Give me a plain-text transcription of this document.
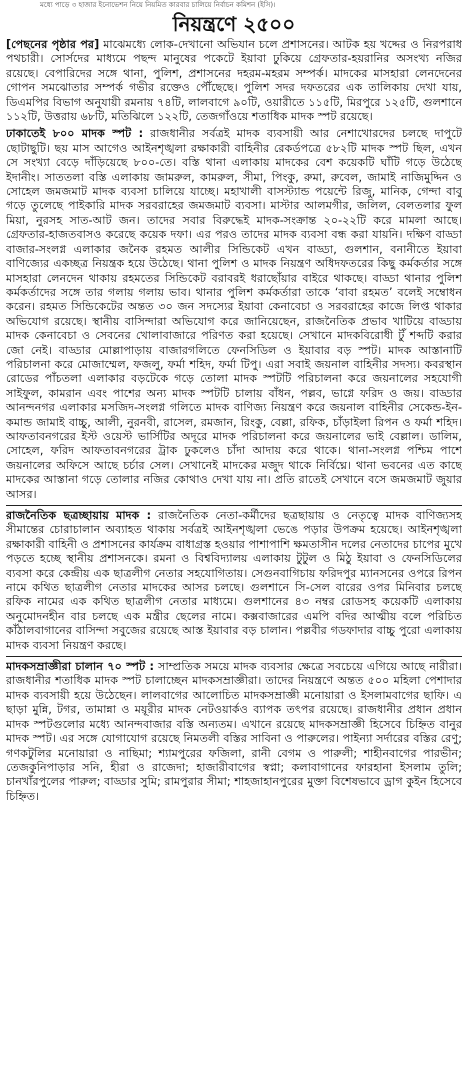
মধ্যে পাড়ে ৩ হাজার ইনোভেশন নিয়ে নিয়মিত কারবার চালিয়ে নির্বাচন কমিশন (ইসি)।
নিয়ন্ত্রণে ২৫০০

[পেছনের পৃষ্ঠার পর] মাঝেমধ্যে লোক-দেখানো অভিযান চলে প্রশাসনের। আটক হয় খদ্দের ও নিরপরাধ পথচারী। সোর্সদের মাধ্যমে পছন্দ মানুষের পকেটে ইয়াবা ঢুকিয়ে গ্রেফতার-হয়রানির অসংখ্য নজির রয়েছে। বেপারিদের সঙ্গে থানা, পুলিশ, প্রশাসনের দহরম-মহরম সম্পর্ক। মাদকের মাসহারা লেনদেনের গোপন সমঝোতার সম্পর্ক গভীর রক্তেও পৌঁছেছে। পুলিশ সদর দফতরের এক তালিকায় দেখা যায়, ডিএমপির বিভাগ অনুযায়ী রমনায় ৭৪টি, লালবাগে ৯০টি, ওয়ারীতে ১১৫টি, মিরপুরে ১২৫টি, গুলশানে ১১২টি, উত্তরায় ৬৮টি, মতিঝিলে ১২২টি, তেজগাঁওয়ে শতাধিক মাদক স্পট রয়েছে।

ঢাকাতেই ৮০০ মাদক স্পট : রাজধানীর সর্বত্রই মাদক ব্যবসায়ী আর নেশাখোরদের চলছে দাপুটে ছোটাছুটি। ছয় মাস আগেও আইনশৃঙ্খলা রক্ষাকারী বাহিনীর রেকর্ডপত্রে ৫৮২টি মাদক স্পট ছিল, এখন সে সংখ্যা বেড়ে দাঁড়িয়েছে ৮০০-তে। বস্তি থানা এলাকায় মাদকের বেশ কয়েকটি ঘাঁটি গড়ে উঠেছে ইদানীং। সাততলা বস্তি এলাকায় জামরুল, কামরুল, সীমা, পিংকু, রুমা, রুবেল, জামাই নাজিমুদ্দিন ও সোহেল জমজমাট মাদক ব্যবসা চালিয়ে যাচ্ছে। মহাখালী বাসস্ট্যান্ড পয়েন্টে রিজু, মানিক, গেন্দা বাবু গড়ে তুলেছে পাইকারি মাদক সরবরাহের জমজমাট ব্যবসা। মাস্টার আলমগীর, জলিল, বেলতলার ফুল মিয়া, নুরসহ সাত-আট জন। তাদের সবার বিরুদ্ধেই মাদক-সংক্রান্ত ২০-২২টি করে মামলা আছে। গ্রেফতার-হাজতবাসও করেছে কয়েক দফা। এর পরও তাদের মাদক ব্যবসা বন্ধ করা যায়নি। দক্ষিণ বাড্ডা বাজার-সংলগ্ন এলাকার জনৈক রহমত আলীর সিন্ডিকেট এখন বাড্ডা, গুলশান, বনানীতে ইয়াবা বাণিজ্যের একচ্ছত্র নিয়ন্ত্রক হয়ে উঠেছে। থানা পুলিশ ও মাদক নিয়ন্ত্রণ অধিদফতরের কিছু কর্মকর্তার সঙ্গে মাসহারা লেনদেন থাকায় রহমতের সিন্ডিকেট বরাবরই ধরাছোঁয়ার বাইরে থাকছে। বাড্ডা থানার পুলিশ কর্মকর্তাদের সঙ্গে তার গলায় গলায় ভাব। থানার পুলিশ কর্মকর্তারা তাকে ‘বাবা রহমত’ বলেই সম্বোধন করেন। রহমত সিন্ডিকেটের অন্তত ৩০ জন সদস্যের ইয়াবা কেনাবেচা ও সরবরাহের কাজে লিপ্ত থাকার অভিযোগ রয়েছে। স্থানীয় বাসিন্দারা অভিযোগ করে জানিয়েছেন, রাজনৈতিক প্রভাব খাটিয়ে বাড্ডায় মাদক কেনাবেচা ও সেবনের খোলাবাজারে পরিণত করা হয়েছে। সেখানে মাদকবিরোধী টুঁ শব্দটি করার জো নেই। বাড্ডার মোল্লাপাড়ায় বাজারগলিতে ফেনসিডিল ও ইয়াবার বড় স্পট। মাদক আস্তানাটি পরিচালনা করে মোজাম্মেল, ফজলু, ফর্মা শহিদ, ফর্মা টিপু। এরা সবাই জয়নাল বাহিনীর সদস্য। কবরস্থান রোডের পাঁচতলা এলাকার বড়টেকে গড়ে তোলা মাদক স্পটটি পরিচালনা করে জয়নালের সহযোগী সাইফুল, কামরান এবং পাশের অন্য মাদক স্পটটি চালায় বাঁধন, পল্লব, ভাগ্নে ফরিদ ও জয়। বাড্ডার আনন্দনগর এলাকার মসজিদ-সংলগ্ন গলিতে মাদক বাণিজ্য নিয়ন্ত্রণ করে জয়নাল বাহিনীর সেকেন্ড-ইন-কমান্ড জামাই বাচ্চু, আলী, নুরনবী, রাসেল, রমজান, রিংকু, বেল্লা, রফিক, চাঁড়াইলা রিপন ও ফর্মা শহিদ। আফতাবনগরের ইস্ট ওয়েস্ট ভার্সিটির অদূরে মাদক পরিচালনা করে জয়নালের ভাই বেল্লাল। ডালিম, সোহেল, ফরিদ আফতাবনগরের ট্রাক ঢুকলেও চাঁদা আদায় করে থাকে। থানা-সংলগ্ন পশ্চিম পাশে জয়নালের অফিসে আছে চর্চার সেল। সেখানেই মাদকের মজুদ থাকে নির্বিঘ্নে। থানা ভবনের এত কাছে মাদকের আস্তানা গড়ে তোলার নজির কোথাও দেখা যায় না। প্রতি রাতেই সেখানে বসে জমজমাট জুয়ার আসর।

রাজনৈতিক ছত্রচ্ছায়ায় মাদক : রাজনৈতিক নেতা-কর্মীদের ছত্রছায়ায় ও নেতৃত্বে মাদক বাণিজ্যসহ সীমান্তের চোরাচালান অব্যাহত থাকায় সর্বত্রই আইনশৃঙ্খলা ভেঙে পড়ার উপক্রম হয়েছে। আইনশৃঙ্খলা রক্ষাকারী বাহিনী ও প্রশাসনের কার্যক্রম বাধাগ্রস্ত হওয়ার পাশাপাশি ক্ষমতাসীন দলের নেতাদের চাপের মুখে পড়তে হচ্ছে স্থানীয় প্রশাসনকে। রমনা ও বিশ্ববিদ্যালয় এলাকায় টুটুল ও মিঠু ইয়াবা ও ফেনসিডিলের ব্যবসা করে কেন্দ্রীয় এক ছাত্রলীগ নেতার সহযোগিতায়। সেগুনবাগিচায় ফরিদপুর ম্যানসনের ওপরে রিপন নামে কথিত ছাত্রলীগ নেতার মাদকের আসর চলছে। গুলশানে সি-সেল বারের ওপর মিনিবার চলছে রফিক নামের এক কথিত ছাত্রলীগ নেতার মাধ্যমে। গুলশানের ৪৩ নম্বর রোডসহ কয়েকটি এলাকায় অনুমোদনহীন বার চলছে এক মন্ত্রীর ছেলের নামে। কক্সবাজারের এমপি বদির আত্মীয় বলে পরিচিত কাঁঠালবাগানের বাসিন্দা সবুজের রয়েছে আস্ত ইয়াবার বড় চালান। পল্লবীর গডফাদার বাচ্চু পুরো এলাকায় মাদক ব্যবসা নিয়ন্ত্রণ করছে।

মাদকসম্রাজ্ঞীরা চালান ৭০ স্পট : সাম্প্রতিক সময়ে মাদক ব্যবসার ক্ষেত্রে সবচেয়ে এগিয়ে আছে নারীরা। রাজধানীর শতাধিক মাদক স্পট চালাচ্ছেন মাদকসম্রাজ্ঞীরা। তাদের নিয়ন্ত্রণে অন্তত ৫০০ মহিলা পেশাদার মাদক ব্যবসায়ী হয়ে উঠেছেন। লালবাগের আলোচিত মাদকসম্রাজ্ঞী মনোয়ারা ও ইসলামবাগের ছাফি। এ ছাড়া মুন্নি, টগর, তামান্না ও ময়ূরীর মাদক নেটওয়ার্কও ব্যাপক তৎপর রয়েছে। রাজধানীর প্রধান প্রধান মাদক স্পটগুলোর মধ্যে আনন্দবাজার বস্তি অন্যতম। এখানে রয়েছে মাদকসম্রাজ্ঞী হিসেবে চিহ্নিত বানুর মাদক স্পট। এর সঙ্গে যোগাযোগ রয়েছে নিমতলী বস্তির সাবিনা ও পারুলের। পাইন্যা সর্দারের বস্তির রেণু; গণকটুলির মনোয়ারা ও নাছিমা; শ্যামপুরের ফজিলা, রানী বেগম ও পারুলী; শাহীনবাগের পারভীন; তেজকুনিপাড়ার সনি, হীরা ও রাজেদা; হাজারীবাগের স্বপ্না; কলাবাগানের ফারহানা ইসলাম তুলি; চানখাঁরপুলের পারুল; বাড্ডার সুমি; রামপুরার সীমা; শাহজাহানপুরের মুক্তা বিশেষভাবে ড্রাগ কুইন হিসেবে চিহ্নিত।
